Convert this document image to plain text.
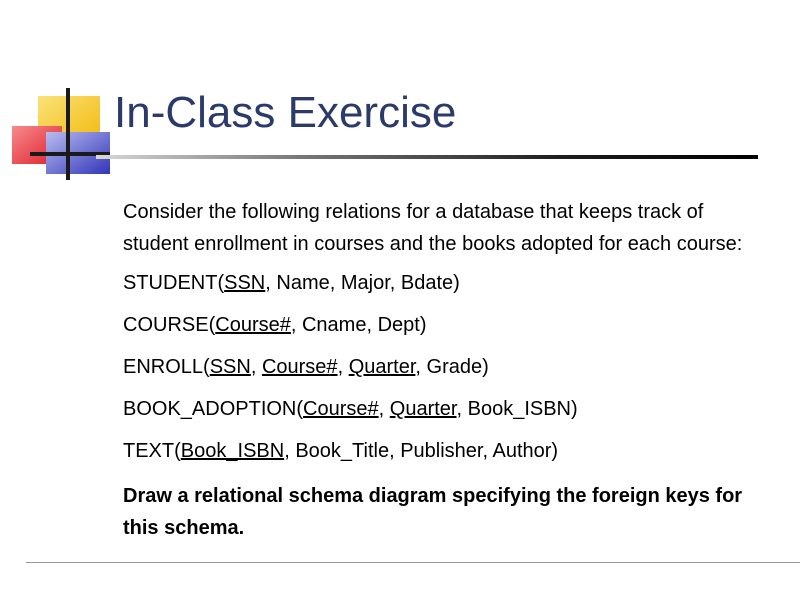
In-Class Exercise

Consider the following relations for a database that keeps track of student enrollment in courses and the books adopted for each course:

STUDENT(SSN, Name, Major, Bdate)
COURSE(Course#, Cname, Dept)
ENROLL(SSN, Course#, Quarter, Grade)
BOOK_ADOPTION(Course#, Quarter, Book_ISBN)
TEXT(Book_ISBN, Book_Title, Publisher, Author)

Draw a relational schema diagram specifying the foreign keys for this schema.
